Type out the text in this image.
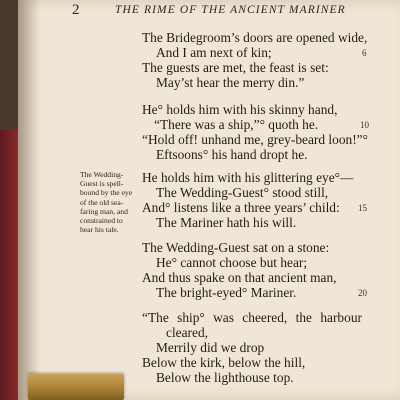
2	THE RIME OF THE ANCIENT MARINER
The Bridegroom’s doors are opened wide,
And I am next of kin;
The guests are met, the feast is set:
May’st hear the merry din.”
6
He° holds him with his skinny hand,
“There was a ship,”° quoth he.
“Hold off! unhand me, grey-beard loon!”°
Eftsoons° his hand dropt he.
10
The Wedding-
Guest is spell-
bound by the eye
of the old sea-
faring man, and
constrained to
hear his tale.
He holds him with his glittering eye°—
The Wedding-Guest° stood still,
And° listens like a three years’ child:
The Mariner hath his will.
15
The Wedding-Guest sat on a stone:
He° cannot choose but hear;
And thus spake on that ancient man,
The bright-eyed° Mariner.	20
“The ship° was cheered, the harbour
cleared,
Merrily did we drop
Below the kirk, below the hill,
Below the lighthouse top.
